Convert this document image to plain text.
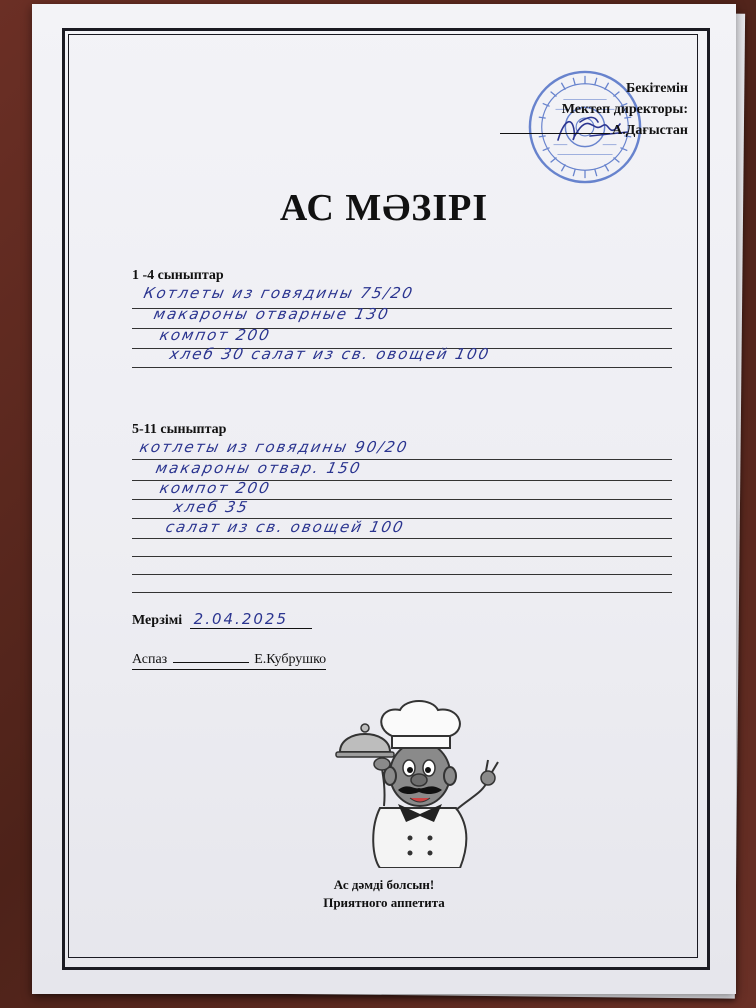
Бекітемін
Мектеп директоры:
А.Дағыстан
АС МӘЗІРІ
1 -4 сыныптар
Котлеты из говядины 75/20
макароны отварные 130
компот 200
хлеб 30 салат из св. овощей 100
5-11 сыныптар
котлеты из говядины 90/20
макароны отвар. 150
компот 200
хлеб 35
салат из св. овощей 100
Мерзімі 2.04.2025
Аспаз	Е.Кубрушко
Ас дәмді болсын!
Приятного аппетита
